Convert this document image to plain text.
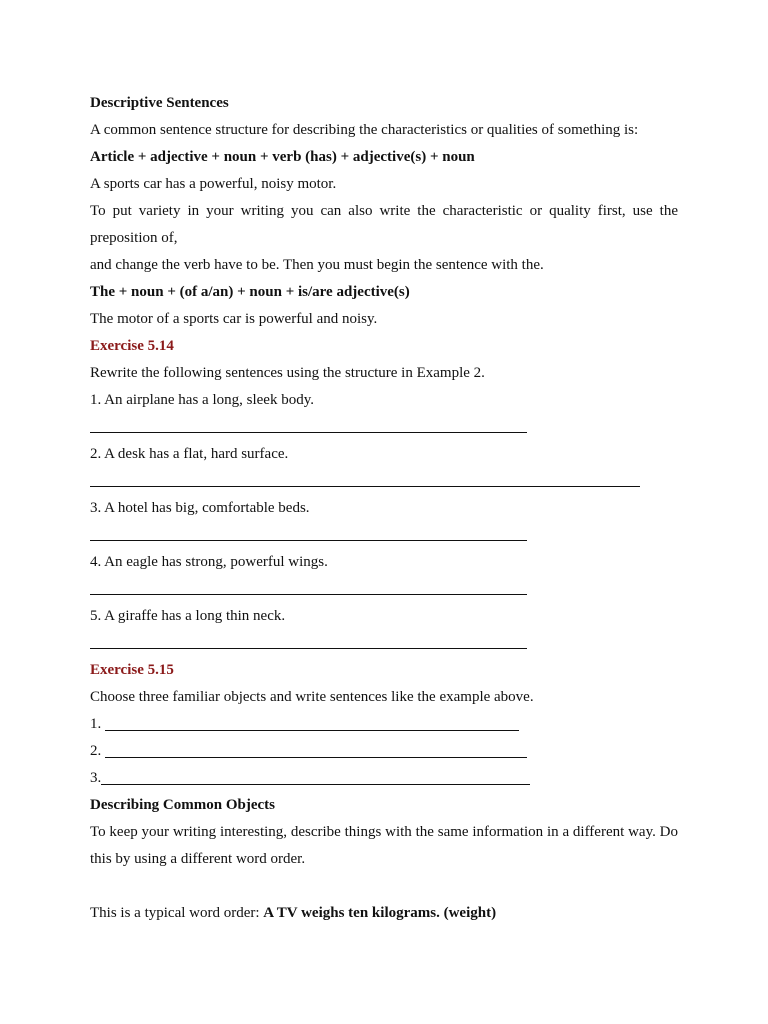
Descriptive Sentences
A common sentence structure for describing the characteristics or qualities of something is:
Article + adjective + noun + verb (has) + adjective(s) + noun
A sports car has a powerful, noisy motor.
To put variety in your writing you can also write the characteristic or quality first, use the preposition of,
and change the verb have to be. Then you must begin the sentence with the.
The + noun + (of a/an) + noun + is/are adjective(s)
The motor of a sports car is powerful and noisy.
Exercise 5.14
Rewrite the following sentences using the structure in Example 2.
1. An airplane has a long, sleek body.
2. A desk has a flat, hard surface.
3. A hotel has big, comfortable beds.
4. An eagle has strong, powerful wings.
5. A giraffe has a long thin neck.
Exercise 5.15
Choose three familiar objects and write sentences like the example above.
1.
2.
3.
Describing Common Objects
To keep your writing interesting, describe things with the same information in a different way. Do this by using a different word order.
This is a typical word order: A TV weighs ten kilograms. (weight)
